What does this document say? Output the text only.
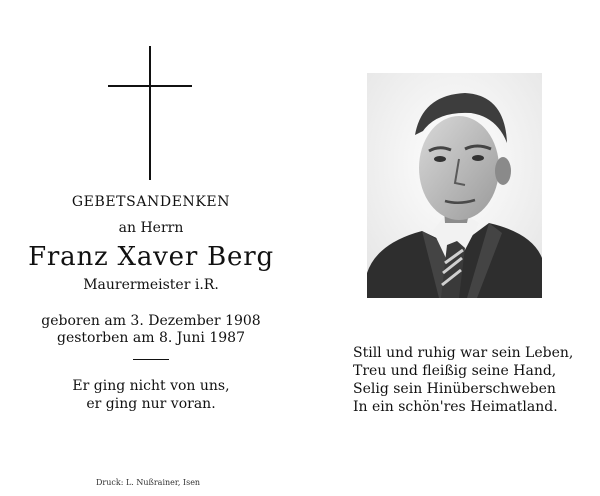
GEBETSANDENKEN
an Herrn
Franz Xaver Berg
Maurermeister i.R.
geboren am 3. Dezember 1908
gestorben am 8. Juni 1987
Er ging nicht von uns,
er ging nur voran.
Druck: L. Nußrainer, Isen
Still und ruhig war sein Leben,
Treu und fleißig seine Hand,
Selig sein Hinüberschweben
In ein schön'res Heimatland.
